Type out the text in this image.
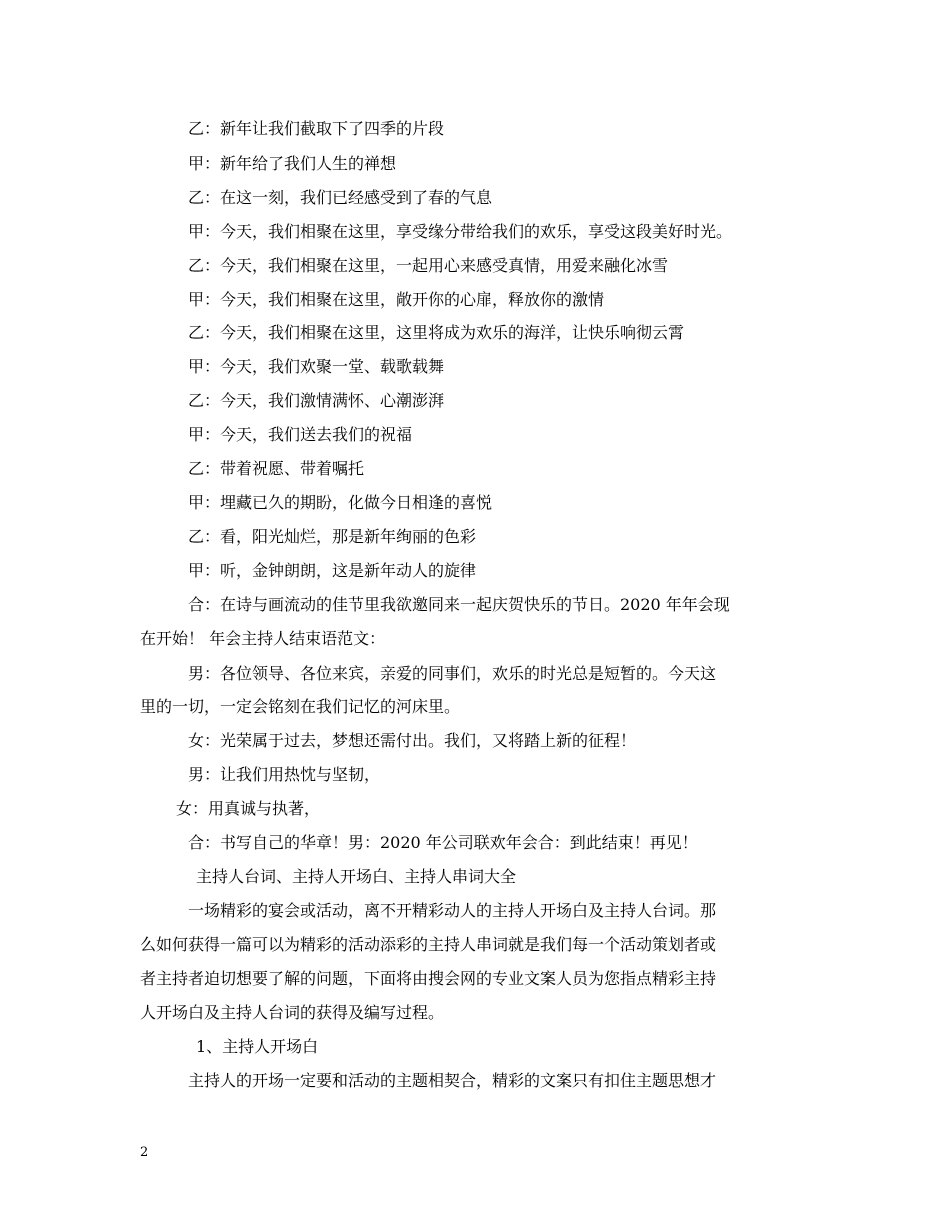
乙：新年让我们截取下了四季的片段
甲：新年给了我们人生的禅想
乙：在这一刻，我们已经感受到了春的气息
甲：今天，我们相聚在这里，享受缘分带给我们的欢乐，享受这段美好时光。
乙：今天，我们相聚在这里，一起用心来感受真情，用爱来融化冰雪
甲：今天，我们相聚在这里，敞开你的心扉，释放你的激情
乙：今天，我们相聚在这里，这里将成为欢乐的海洋，让快乐响彻云霄
甲：今天，我们欢聚一堂、载歌载舞
乙：今天，我们激情满怀、心潮澎湃
甲：今天，我们送去我们的祝福
乙：带着祝愿、带着嘱托
甲：埋藏已久的期盼，化做今日相逢的喜悦
乙：看，阳光灿烂，那是新年绚丽的色彩
甲：听，金钟朗朗，这是新年动人的旋律
合：在诗与画流动的佳节里我欲邀同来一起庆贺快乐的节日。2020 年年会现
在开始！ 年会主持人结束语范文：
男：各位领导、各位来宾，亲爱的同事们，欢乐的时光总是短暂的。今天这
里的一切，一定会铭刻在我们记忆的河床里。
女：光荣属于过去，梦想还需付出。我们，又将踏上新的征程！
男：让我们用热忱与坚韧，
女：用真诚与执著，
合：书写自己的华章！男：2020 年公司联欢年会合：到此结束！再见！
主持人台词、主持人开场白、主持人串词大全
一场精彩的宴会或活动，离不开精彩动人的主持人开场白及主持人台词。那
么如何获得一篇可以为精彩的活动添彩的主持人串词就是我们每一个活动策划者或
者主持者迫切想要了解的问题，下面将由搜会网的专业文案人员为您指点精彩主持
人开场白及主持人台词的获得及编写过程。
1、主持人开场白
主持人的开场一定要和活动的主题相契合，精彩的文案只有扣住主题思想才
2
